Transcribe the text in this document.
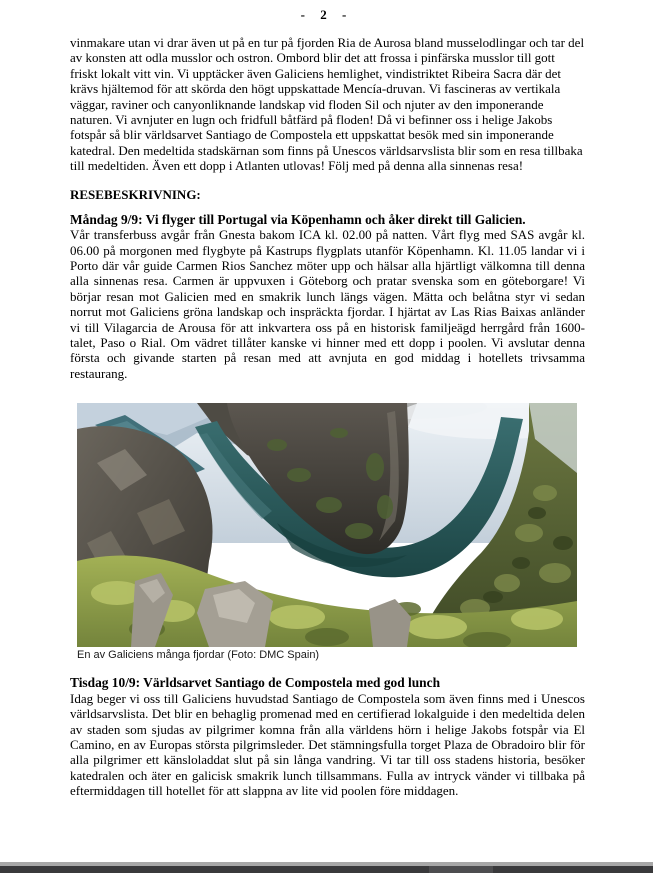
- 2 -

vinmakare utan vi drar även ut på en tur på fjorden Ria de Aurosa bland musselodlingar och tar del av konsten att odla musslor och ostron. Ombord blir det att frossa i pinfärska musslor till gott friskt lokalt vitt vin. Vi upptäcker även Galiciens hemlighet, vindistriktet Ribeira Sacra där det krävs hjältemod för att skörda den högt uppskattade Mencía-druvan. Vi fascineras av vertikala väggar, raviner och canyonliknande landskap vid floden Sil och njuter av den imponerande naturen. Vi avnjuter en lugn och fridfull båtfärd på floden! Då vi befinner oss i helige Jakobs fotspår så blir världsarvet Santiago de Compostela ett uppskattat besök med sin imponerande katedral. Den medeltida stadskärnan som finns på Unescos världsarvslista blir som en resa tillbaka till medeltiden. Även ett dopp i Atlanten utlovas! Följ med på denna alla sinnenas resa!

RESEBESKRIVNING:
Måndag 9/9: Vi flyger till Portugal via Köpenhamn och åker direkt till Galicien.

Vår transferbuss avgår från Gnesta bakom ICA kl. 02.00 på natten. Vårt flyg med SAS avgår kl. 06.00 på morgonen med flygbyte på Kastrups flygplats utanför Köpenhamn. Kl. 11.05 landar vi i Porto där vår guide Carmen Rios Sanchez möter upp och hälsar alla hjärtligt välkomna till denna alla sinnenas resa. Carmen är uppvuxen i Göteborg och pratar svenska som en göteborgare! Vi börjar resan mot Galicien med en smakrik lunch längs vägen. Mätta och belåtna styr vi sedan norrut mot Galiciens gröna landskap och inspräckta fjordar. I hjärtat av Las Rias Baixas anländer vi till Vilagarcia de Arousa för att inkvartera oss på en historisk familjeägd herrgård från 1600-talet, Paso o Rial. Om vädret tillåter kanske vi hinner med ett dopp i poolen. Vi avslutar denna första och givande starten på resan med att avnjuta en god middag i hotellets trivsamma restaurang.

En av Galiciens många fjordar (Foto: DMC Spain)
Tisdag 10/9: Världsarvet Santiago de Compostela med god lunch

Idag beger vi oss till Galiciens huvudstad Santiago de Compostela som även finns med i Unescos världsarvslista. Det blir en behaglig promenad med en certifierad lokalguide i den medeltida delen av staden som sjudas av pilgrimer komna från alla världens hörn i helige Jakobs fotspår via El Camino, en av Europas största pilgrimsleder. Det stämningsfulla torget Plaza de Obradoiro blir för alla pilgrimer ett känsloladdat slut på sin långa vandring. Vi tar till oss stadens historia, besöker katedralen och äter en galicisk smakrik lunch tillsammans. Fulla av intryck vänder vi tillbaka på eftermiddagen till hotellet för att slappna av lite vid poolen före middagen.
